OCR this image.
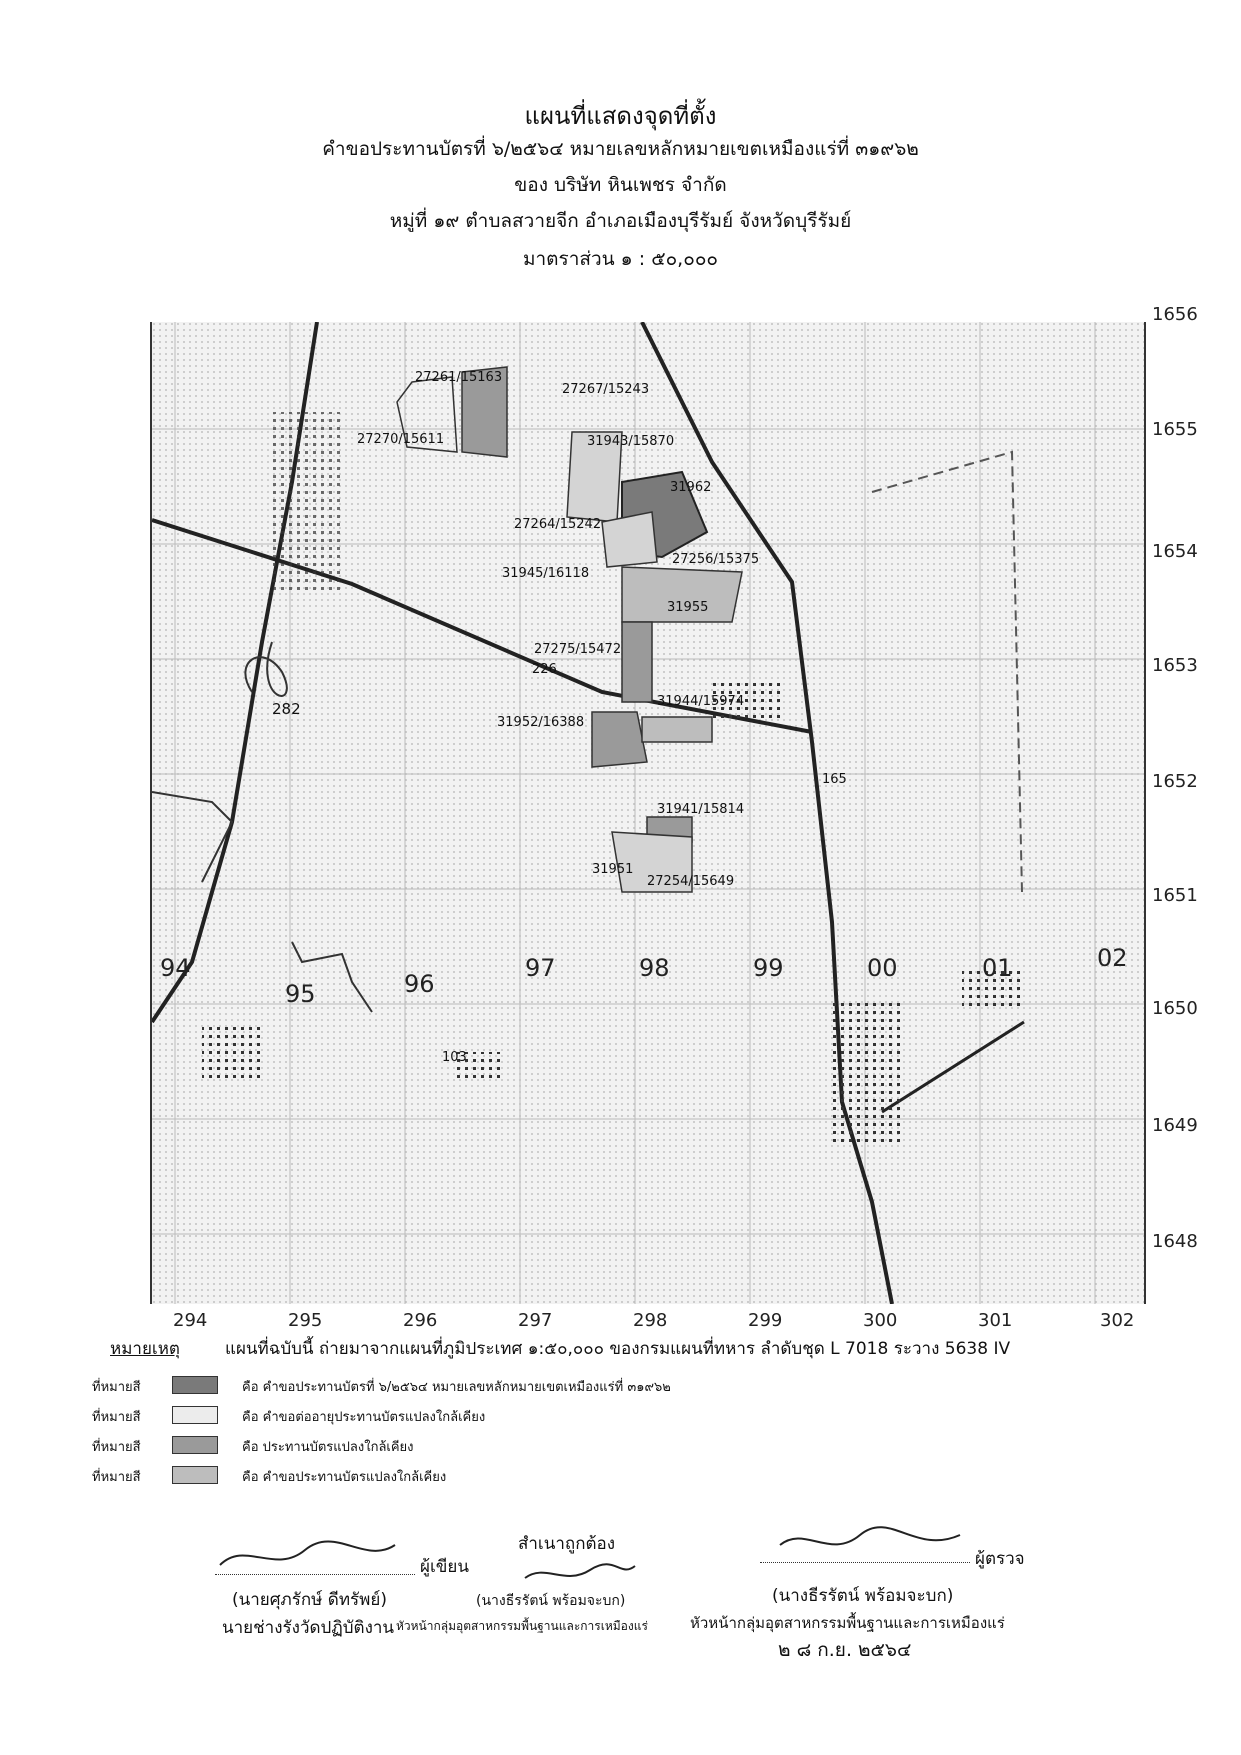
แผนที่แสดงจุดที่ตั้ง
คำขอประทานบัตรที่ ๖/๒๕๖๔ หมายเลขหลักหมายเขตเหมืองแร่ที่ ๓๑๙๖๒
ของ บริษัท หินเพชร จำกัด
หมู่ที่ ๑๙ ตำบลสวายจีก อำเภอเมืองบุรีรัมย์ จังหวัดบุรีรัมย์
มาตราส่วน ๑ : ๕๐,๐๐๐
27261/15163
27267/15243
27270/15611	31943/15870
31962
27264/15242
27256/15375
31945/16118
31955
27275/15472
31944/15974
31952/16388
31941/15814
31951
27254/15649
282
103
165
226
94
95	96
97	98	99	00	01	02
1656
1655
1654
1653
1652
1651
1650
1649
1648
294	295	296	297	298	299	300	301	302
หมายเหตุ	แผนที่ฉบับนี้ ถ่ายมาจากแผนที่ภูมิประเทศ ๑:๕๐,๐๐๐ ของกรมแผนที่ทหาร ลำดับชุด L 7018 ระวาง 5638 IV
ที่หมายสี	คือ คำขอประทานบัตรที่ ๖/๒๕๖๔ หมายเลขหลักหมายเขตเหมืองแร่ที่ ๓๑๙๖๒
ที่หมายสี	คือ คำขอต่ออายุประทานบัตรแปลงใกล้เคียง
ที่หมายสี	คือ ประทานบัตรแปลงใกล้เคียง
ที่หมายสี	คือ คำขอประทานบัตรแปลงใกล้เคียง
ผู้เขียน
(นายศุภรักษ์ ดีทรัพย์)
นายช่างรังวัดปฏิบัติงาน
สำเนาถูกต้อง
(นางธีรรัตน์ พร้อมจะบก)
หัวหน้ากลุ่มอุตสาหกรรมพื้นฐานและการเหมืองแร่
ผู้ตรวจ
(นางธีรรัตน์ พร้อมจะบก)
หัวหน้ากลุ่มอุตสาหกรรมพื้นฐานและการเหมืองแร่
๒ ๘ ก.ย. ๒๕๖๔
